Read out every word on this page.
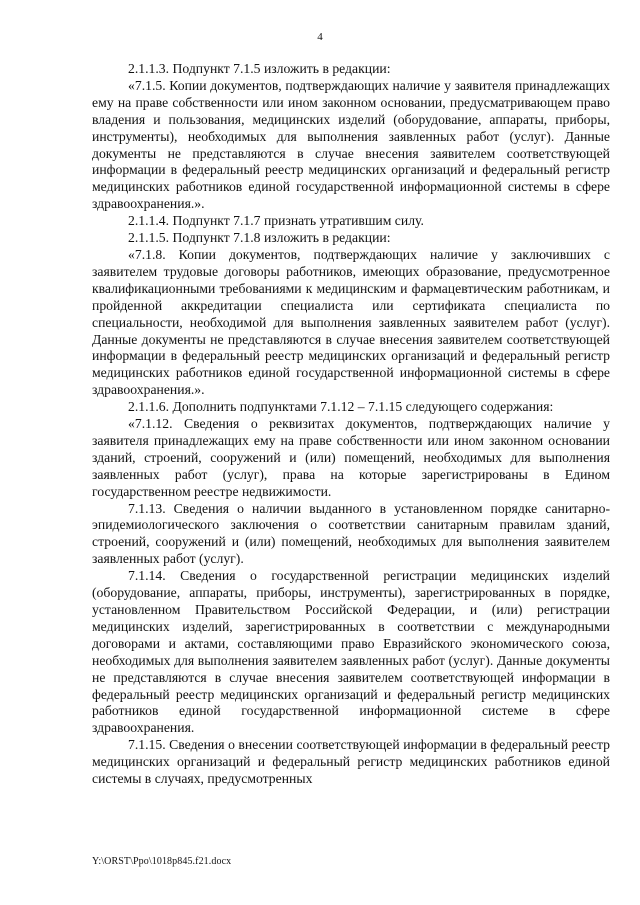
4

2.1.1.3. Подпункт 7.1.5 изложить в редакции:

«7.1.5. Копии документов, подтверждающих наличие у заявителя принадлежащих ему на праве собственности или ином законном основании, предусматривающем право владения и пользования, медицинских изделий (оборудование, аппараты, приборы, инструменты), необходимых для выполнения заявленных работ (услуг). Данные документы не представляются в случае внесения заявителем соответствующей информации в федеральный реестр медицинских организаций и федеральный регистр медицинских работников единой государственной информационной системы в сфере здравоохранения.».

2.1.1.4. Подпункт 7.1.7 признать утратившим силу.

2.1.1.5. Подпункт 7.1.8 изложить в редакции:

«7.1.8. Копии документов, подтверждающих наличие у заключивших с заявителем трудовые договоры работников, имеющих образование, предусмотренное квалификационными требованиями к медицинским и фармацевтическим работникам, и пройденной аккредитации специалиста или сертификата специалиста по специальности, необходимой для выполнения заявленных заявителем работ (услуг). Данные документы не представляются в случае внесения заявителем соответствующей информации в федеральный реестр медицинских организаций и федеральный регистр медицинских работников единой государственной информационной системы в сфере здравоохранения.».

2.1.1.6. Дополнить подпунктами 7.1.12 – 7.1.15 следующего содержания:

«7.1.12. Сведения о реквизитах документов, подтверждающих наличие у заявителя принадлежащих ему на праве собственности или ином законном основании зданий, строений, сооружений и (или) помещений, необходимых для выполнения заявленных работ (услуг), права на которые зарегистрированы в Едином государственном реестре недвижимости.

7.1.13. Сведения о наличии выданного в установленном порядке санитарно-эпидемиологического заключения о соответствии санитарным правилам зданий, строений, сооружений и (или) помещений, необходимых для выполнения заявителем заявленных работ (услуг).

7.1.14. Сведения о государственной регистрации медицинских изделий (оборудование, аппараты, приборы, инструменты), зарегистрированных в порядке, установленном Правительством Российской Федерации, и (или) регистрации медицинских изделий, зарегистрированных в соответствии с международными договорами и актами, составляющими право Евразийского экономического союза, необходимых для выполнения заявителем заявленных работ (услуг). Данные документы не представляются в случае внесения заявителем соответствующей информации в федеральный реестр медицинских организаций и федеральный регистр медицинских работников единой государственной информационной системе в сфере здравоохранения.

7.1.15. Сведения о внесении соответствующей информации в федеральный реестр медицинских организаций и федеральный регистр медицинских работников единой системы в случаях, предусмотренных

Y:\ORST\Ppo\1018p845.f21.docx
